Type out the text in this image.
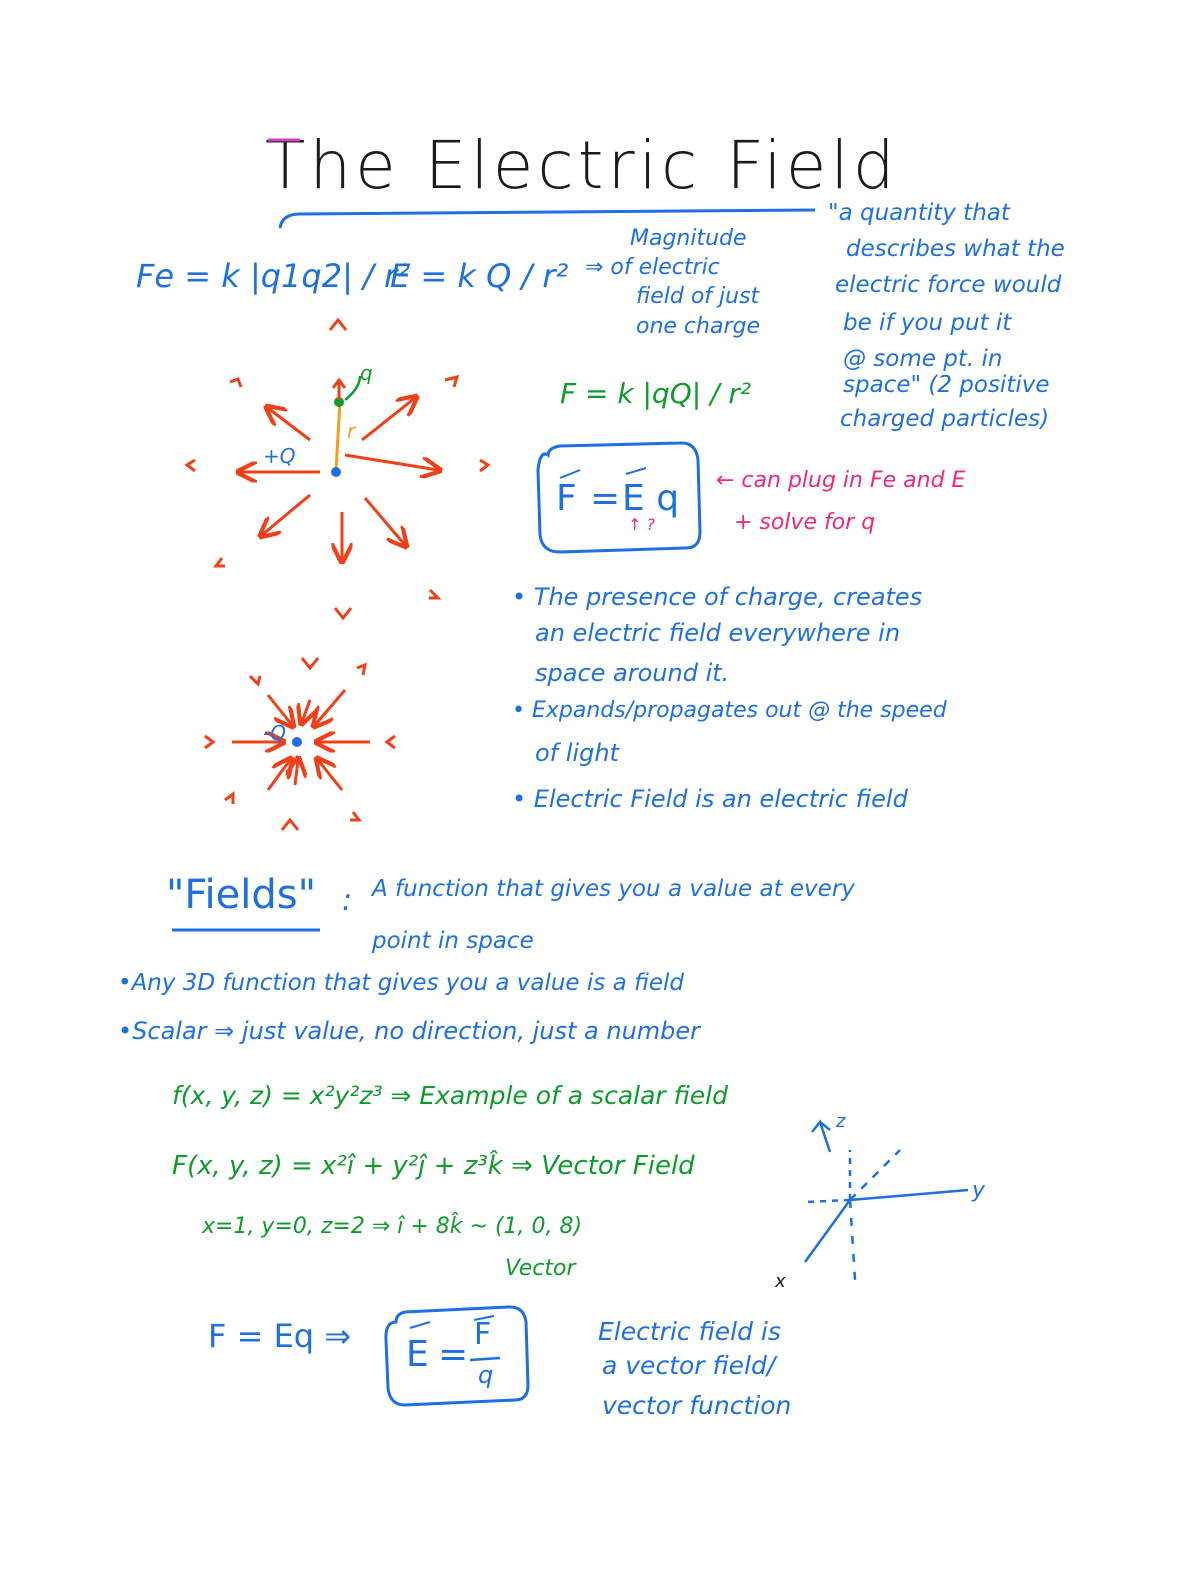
The Electric Field
Fe = k |q1q2| / r²
E = k Q / r²
Magnitude
⇒ of electric
field of just
one charge
"a quantity that
describes what the
electric force would
be if you put it
@ some pt. in
space" (2 positive
charged particles)
+Q
q
r
-Q
F = k |qQ| / r²
F = E q
↑ ?
← can plug in Fe and E
+ solve for q
• The presence of charge, creates
an electric field everywhere in
space around it.
• Expands/propagates out @ the speed
of light
• Electric Field is an electric field
"Fields" : A function that gives you a value at every
point in space
•Any 3D function that gives you a value is a field
•Scalar ⇒ just value, no direction, just a number
f(x, y, z) = x²y²z³ ⇒ Example of a scalar field
F(x, y, z) = x²î + y²ĵ + z³k̂ ⇒ Vector Field
x=1, y=0, z=2 ⇒ î + 8k̂ ~ (1, 0, 8)
Vector
z
y
x
F = Eq ⇒ E = F
q
Electric field is
a vector field/
vector function
